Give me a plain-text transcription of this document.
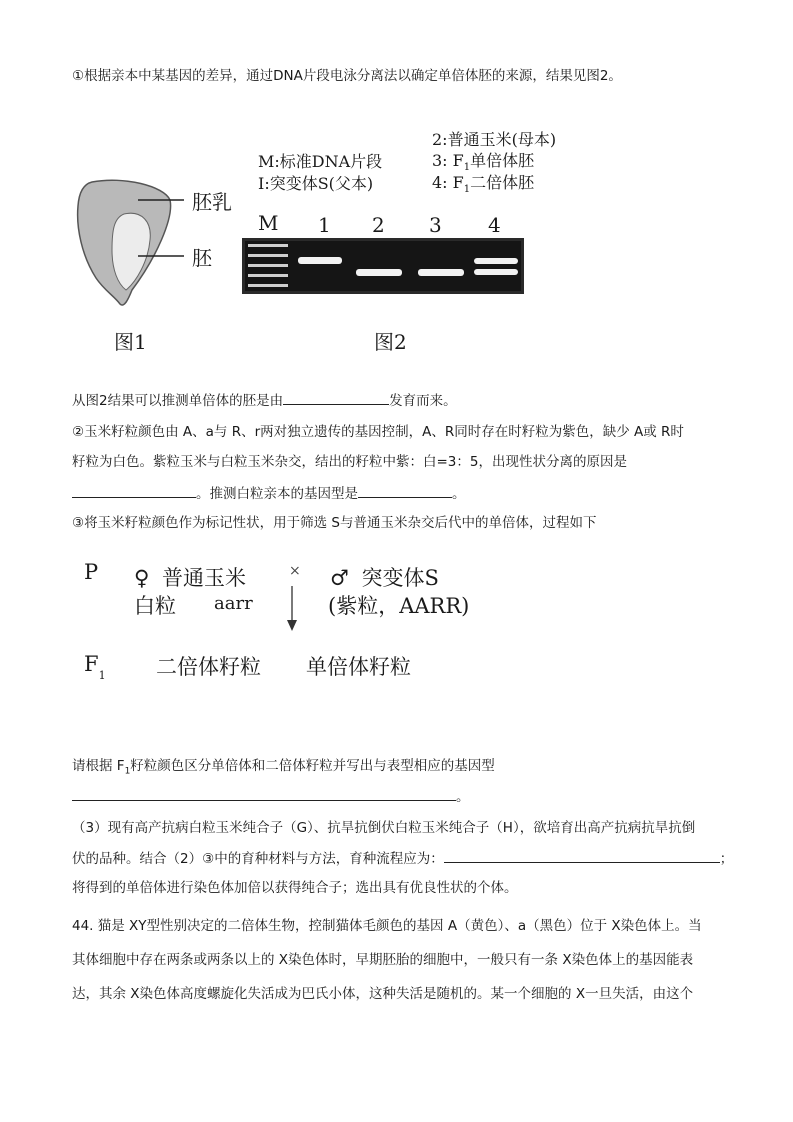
①根据亲本中某基因的差异，通过DNA片段电泳分离法以确定单倍体胚的来源，结果见图2。
胚乳
胚
图1
M:标准DNA片段
I:突变体S(父本)
2:普通玉米(母本)
3: $F_1$单倍体胚
4: $F_1$二倍体胚
M 1 2 3 4
图2
从图2结果可以推测单倍体的胚是由	发育而来。
②玉米籽粒颜色由 A、a与 R、r两对独立遗传的基因控制，A、R同时存在时籽粒为紫色，缺少 A或 R时
籽粒为白色。紫粒玉米与白粒玉米杂交，结出的籽粒中紫：白=3：5，出现性状分离的原因是
。推测白粒亲本的基因型是	。
③将玉米籽粒颜色作为标记性状，用于筛选 S与普通玉米杂交后代中的单倍体，过程如下
P ♀ 普通玉米	× ♂ 突变体S
白粒 aarr	(紫粒，AARR)
$F_1$ 二倍体籽粒 单倍体籽粒
请根据 $F_1$籽粒颜色区分单倍体和二倍体籽粒并写出与表型相应的基因型
。
（3）现有高产抗病白粒玉米纯合子（G）、抗旱抗倒伏白粒玉米纯合子（H），欲培育出高产抗病抗旱抗倒
伏的品种。结合（2）③中的育种材料与方法，育种流程应为：	；
将得到的单倍体进行染色体加倍以获得纯合子；选出具有优良性状的个体。
44. 猫是 XY型性别决定的二倍体生物，控制猫体毛颜色的基因 A（黄色）、a（黑色）位于 X染色体上。当
其体细胞中存在两条或两条以上的 X染色体时，早期胚胎的细胞中，一般只有一条 X染色体上的基因能表
达，其余 X染色体高度螺旋化失活成为巴氏小体，这种失活是随机的。某一个细胞的 X一旦失活，由这个
